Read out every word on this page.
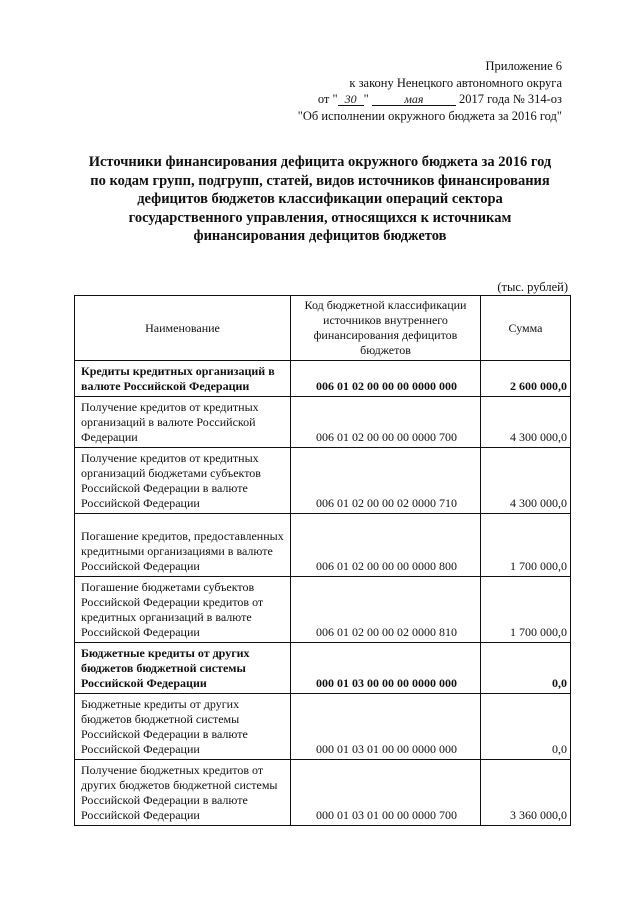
Приложение 6
к закону Ненецкого автономного округа
от " 30 "	мая	2017 года № 314-оз
"Об исполнении окружного бюджета за 2016 год"
Источники финансирования дефицита окружного бюджета за 2016 год
по кодам групп, подгрупп, статей, видов источников финансирования
дефицитов бюджетов классификации операций сектора
государственного управления, относящихся к источникам
финансирования дефицитов бюджетов
(тыс. рублей)
Наименование	Код бюджетной классификации источников внутреннего финансирования дефицитов бюджетов	Сумма
Кредиты кредитных организаций в валюте Российской Федерации	006 01 02 00 00 00 0000 000	2 600 000,0
Получение кредитов от кредитных организаций в валюте Российской Федерации	006 01 02 00 00 00 0000 700	4 300 000,0
Получение кредитов от кредитных организаций бюджетами субъектов Российской Федерации в валюте Российской Федерации	006 01 02 00 00 02 0000 710	4 300 000,0
Погашение кредитов, предоставленных кредитными организациями в валюте Российской Федерации	006 01 02 00 00 00 0000 800	1 700 000,0
Погашение бюджетами субъектов Российской Федерации кредитов от кредитных организаций в валюте Российской Федерации	006 01 02 00 00 02 0000 810	1 700 000,0
Бюджетные кредиты от других бюджетов бюджетной системы Российской Федерации	000 01 03 00 00 00 0000 000	0,0
Бюджетные кредиты от других бюджетов бюджетной системы Российской Федерации в валюте Российской Федерации	000 01 03 01 00 00 0000 000	0,0
Получение бюджетных кредитов от других бюджетов бюджетной системы Российской Федерации в валюте Российской Федерации	000 01 03 01 00 00 0000 700	3 360 000,0
